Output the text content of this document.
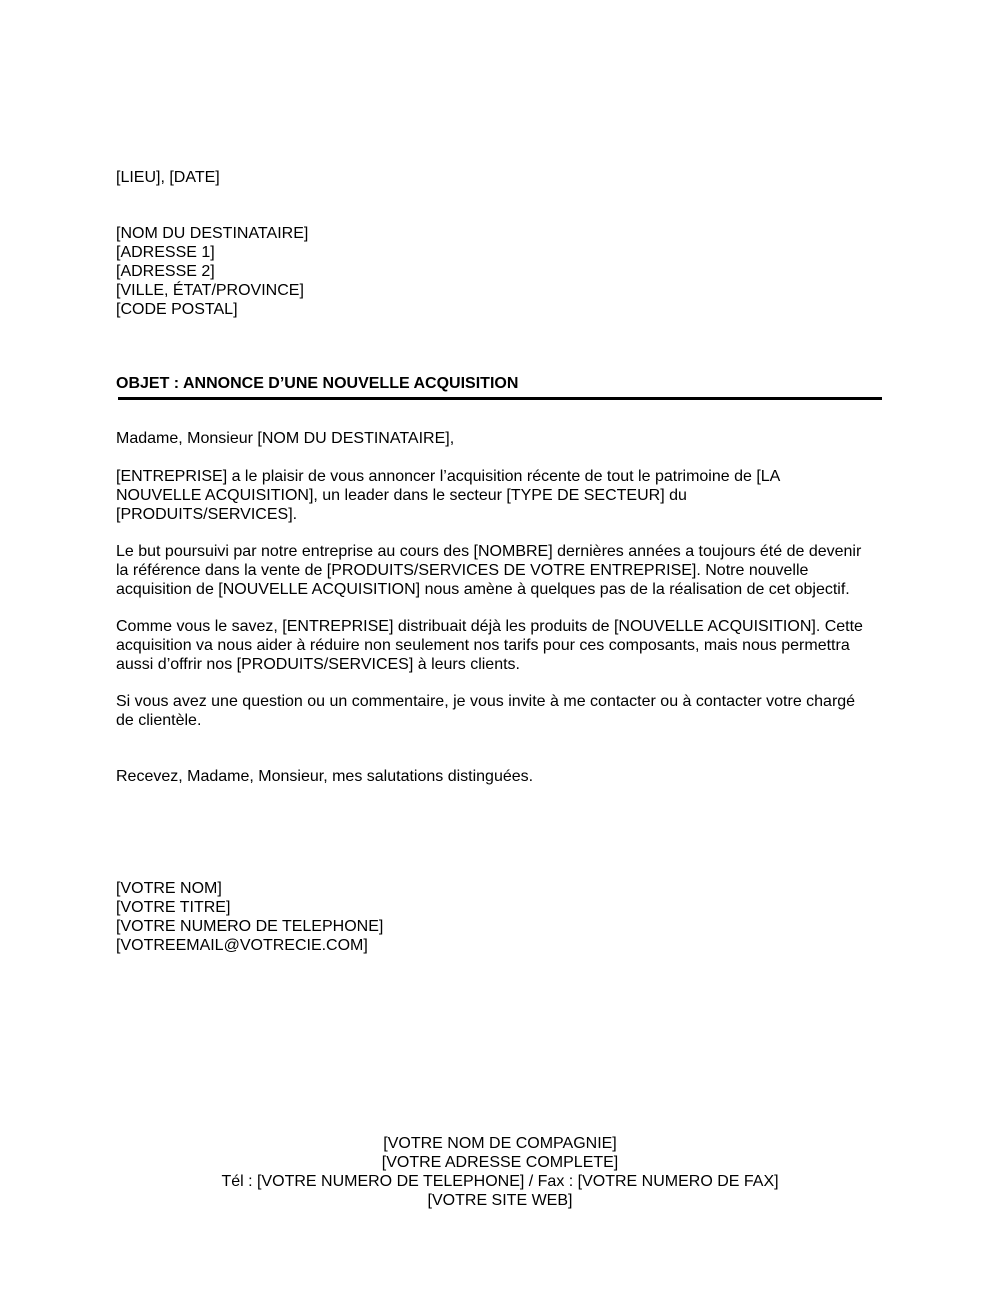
[LIEU], [DATE]
[NOM DU DESTINATAIRE]
[ADRESSE 1]
[ADRESSE 2]
[VILLE, ÉTAT/PROVINCE]
[CODE POSTAL]
OBJET : ANNONCE D’UNE NOUVELLE ACQUISITION
Madame, Monsieur [NOM DU DESTINATAIRE],
[ENTREPRISE] a le plaisir de vous annoncer l’acquisition récente de tout le patrimoine de [LA
NOUVELLE ACQUISITION], un leader dans le secteur [TYPE DE SECTEUR] du
[PRODUITS/SERVICES].
Le but poursuivi par notre entreprise au cours des [NOMBRE] dernières années a toujours été de devenir
la référence dans la vente de [PRODUITS/SERVICES DE VOTRE ENTREPRISE]. Notre nouvelle
acquisition de [NOUVELLE ACQUISITION] nous amène à quelques pas de la réalisation de cet objectif.
Comme vous le savez, [ENTREPRISE] distribuait déjà les produits de [NOUVELLE ACQUISITION]. Cette
acquisition va nous aider à réduire non seulement nos tarifs pour ces composants, mais nous permettra
aussi d’offrir nos [PRODUITS/SERVICES] à leurs clients.
Si vous avez une question ou un commentaire, je vous invite à me contacter ou à contacter votre chargé
de clientèle.
Recevez, Madame, Monsieur, mes salutations distinguées.
[VOTRE NOM]
[VOTRE TITRE]
[VOTRE NUMERO DE TELEPHONE]
[VOTREEMAIL@VOTRECIE.COM]
[VOTRE NOM DE COMPAGNIE]
[VOTRE ADRESSE COMPLETE]
Tél : [VOTRE NUMERO DE TELEPHONE] / Fax : [VOTRE NUMERO DE FAX]
[VOTRE SITE WEB]
